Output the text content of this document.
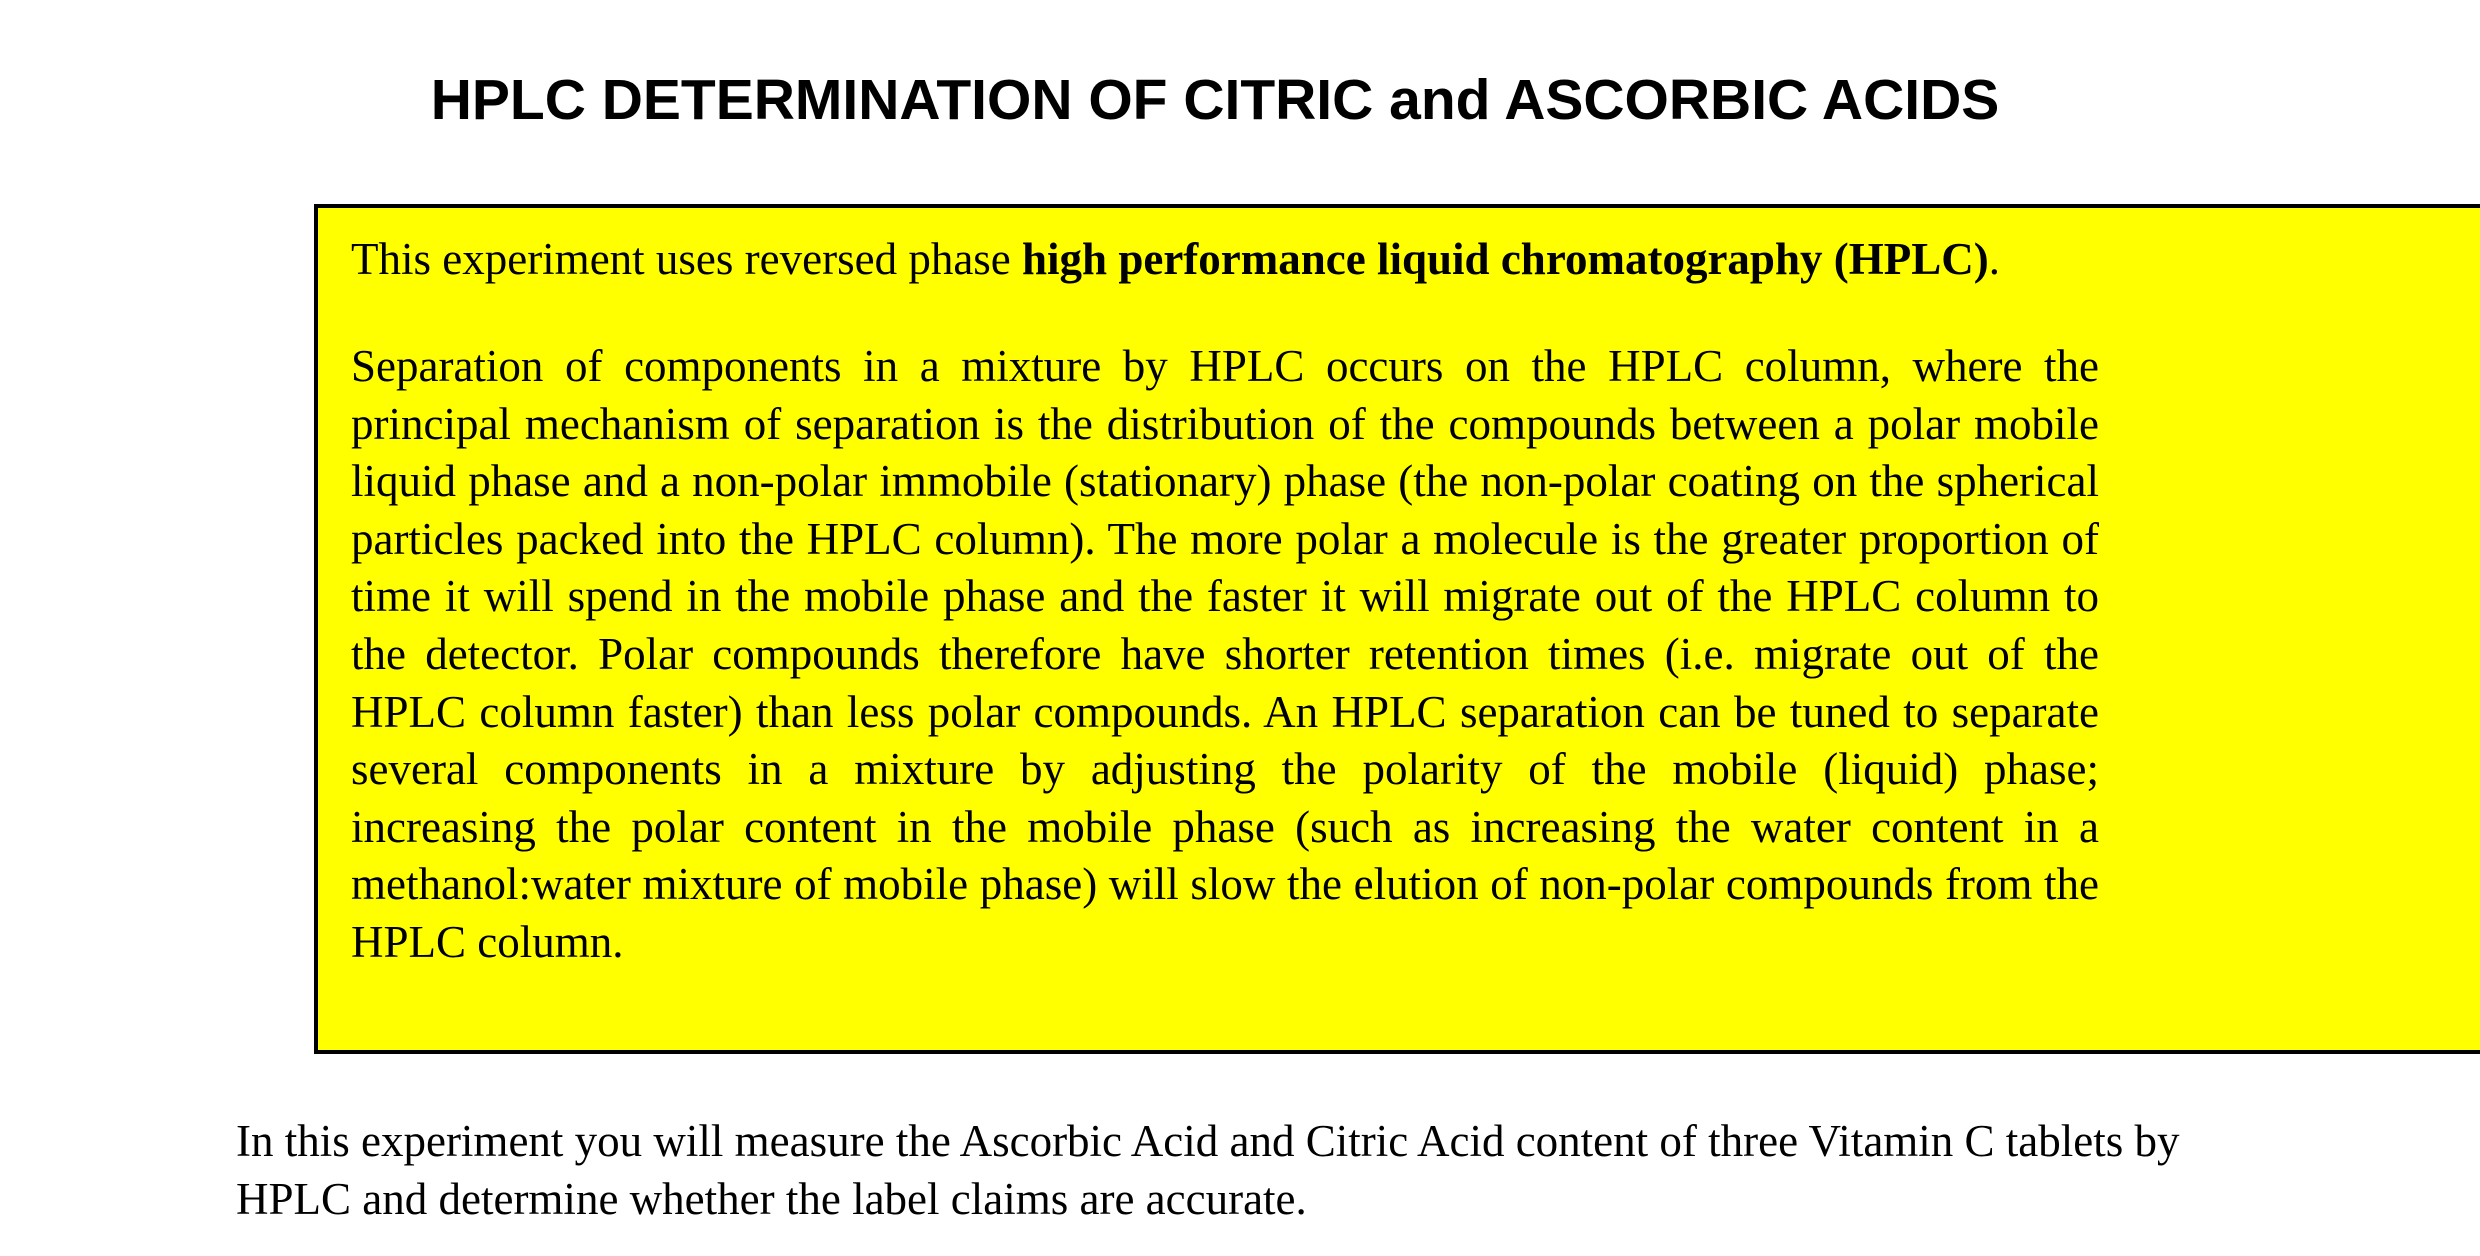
HPLC DETERMINATION OF CITRIC and ASCORBIC ACIDS

This experiment uses reversed phase high performance liquid chromatography (HPLC).

Separation of components in a mixture by HPLC occurs on the HPLC column, where the principal mechanism of separation is the distribution of the compounds between a polar mobile liquid phase and a non-polar immobile (stationary) phase (the non-polar coating on the spherical particles packed into the HPLC column). The more polar a molecule is the greater proportion of time it will spend in the mobile phase and the faster it will migrate out of the HPLC column to the detector. Polar compounds therefore have shorter retention times (i.e. migrate out of the HPLC column faster) than less polar compounds. An HPLC separation can be tuned to separate several components in a mixture by adjusting the polarity of the mobile (liquid) phase; increasing the polar content in the mobile phase (such as increasing the water content in a methanol:water mixture of mobile phase) will slow the elution of non-polar compounds from the HPLC column.

In this experiment you will measure the Ascorbic Acid and Citric Acid content of three Vitamin C tablets by HPLC and determine whether the label claims are accurate.
